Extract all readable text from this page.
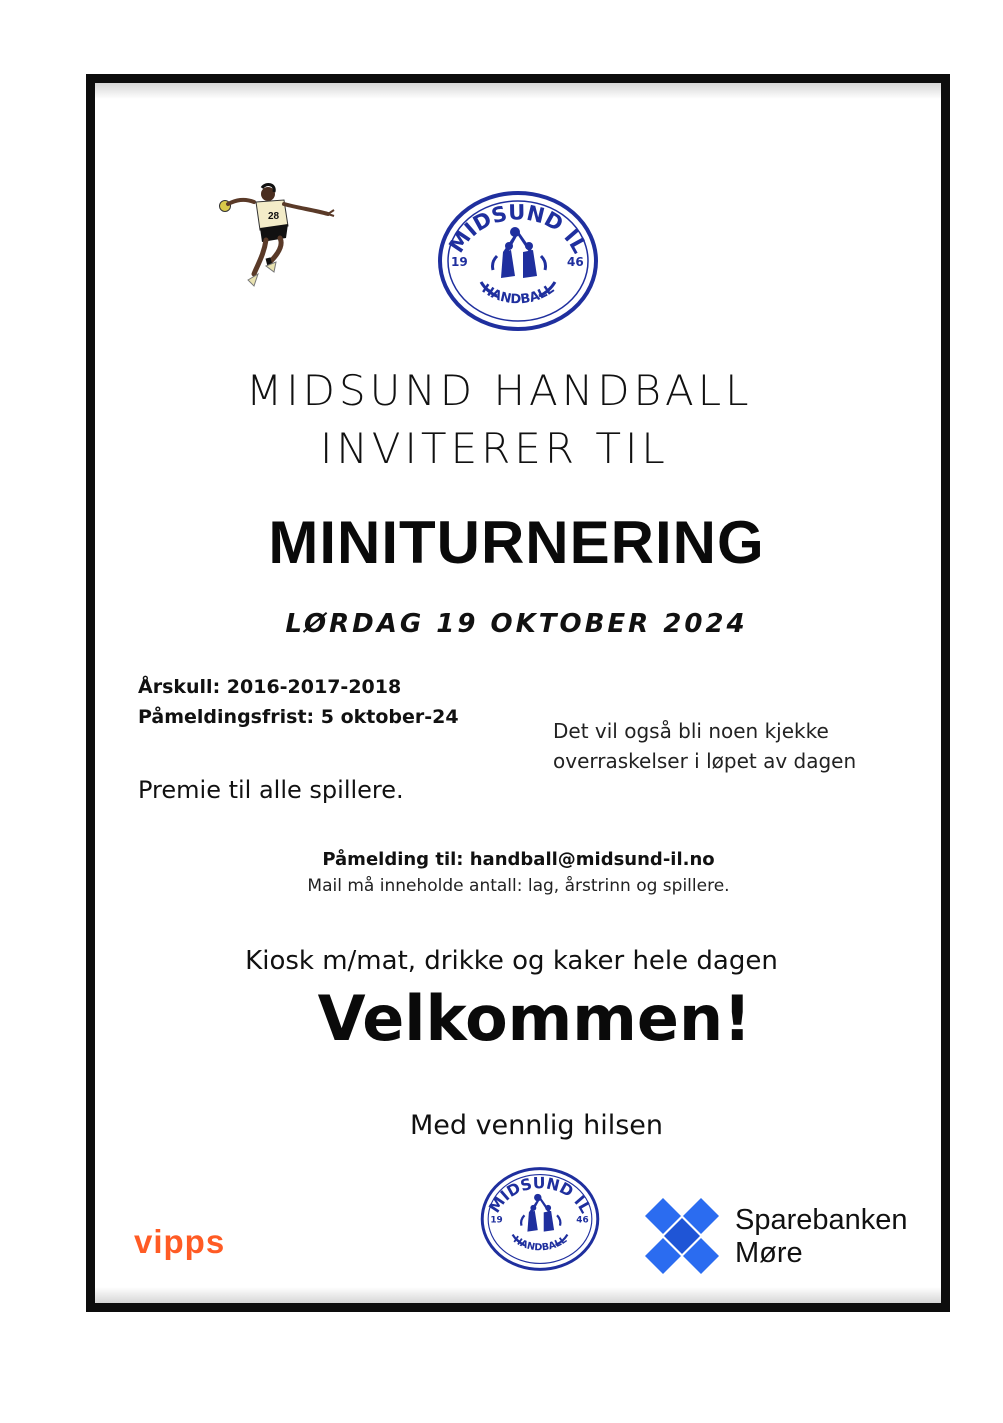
28
MIDSUND IL
HANDBALL
19	46
MIDSUND HANDBALL
INVITERER TIL
MINITURNERING
LØRDAG 19 OKTOBER 2024
Årskull: 2016-2017-2018
Påmeldingsfrist: 5 oktober-24
Det vil også bli noen kjekke
overraskelser i løpet av dagen
Premie til alle spillere.
Påmelding til: handball@midsund-il.no
Mail må inneholde antall: lag, årstrinn og spillere.
Kiosk m/mat, drikke og kaker hele dagen
Velkommen!
Med vennlig hilsen
vipps
MIDSUND IL
HANDBALL
19	46	Sparebanken
Møre
